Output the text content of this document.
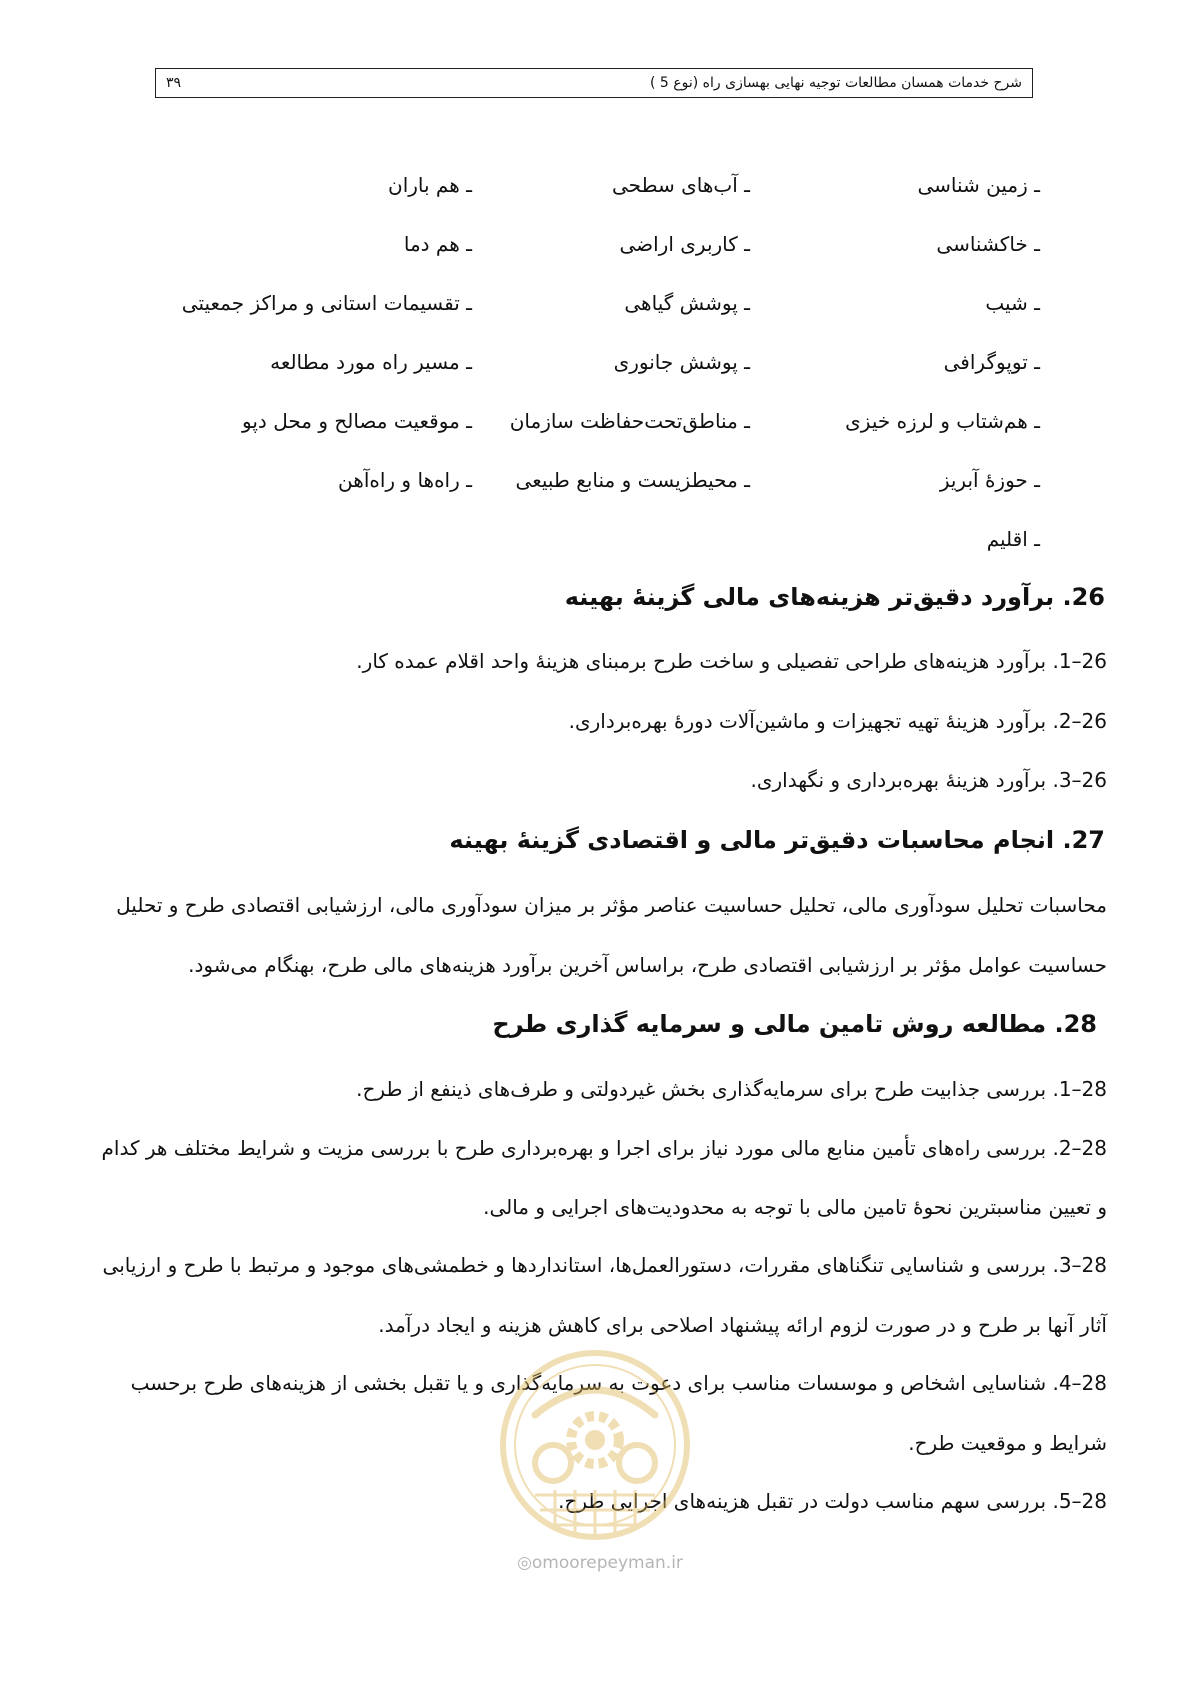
شرح خدمات همسان مطالعات توجیه نهایی بهسازی راه (نوع 5 )
۳۹
ـ زمین شناسی
ـ آب‌های سطحی
ـ هم باران
ـ خاکشناسی
ـ کاربری اراضی
ـ هم دما
ـ شیب
ـ پوشش گیاهی
ـ تقسیمات استانی و مراکز جمعیتی
ـ توپوگرافی
ـ پوشش جانوری
ـ مسیر راه مورد مطالعه
ـ هم‌شتاب و لرزه خیزی
ـ مناطق‌تحت‌حفاظت سازمان
ـ موقعیت مصالح و محل دپو
ـ حوزهٔ آبریز
ـ محیطزیست و منابع طبیعی
ـ راه‌ها و راه‌آهن
ـ اقلیم
26. برآورد دقیق‌تر هزینه‌های مالی گزینهٔ بهینه
26–1. برآورد هزینه‌های طراحی تفصیلی و ساخت طرح برمبنای هزینهٔ واحد اقلام عمده کار.
26–2. برآورد هزینهٔ تهیه تجهیزات و ماشین‌آلات دورهٔ بهره‌برداری.
26–3. برآورد هزینهٔ بهره‌برداری و نگهداری.
27. انجام محاسبات دقیق‌تر مالی و اقتصادی گزینهٔ بهینه
محاسبات تحلیل سودآوری مالی، تحلیل حساسیت عناصر مؤثر بر میزان سودآوری مالی، ارزشیابی اقتصادی طرح و تحلیل
حساسیت عوامل مؤثر بر ارزشیابی اقتصادی طرح، براساس آخرین برآورد هزینه‌های مالی طرح، بهنگام می‌شود.
28. مطالعه روش تامین مالی و سرمایه گذاری طرح
28–1. بررسی جذابیت طرح برای سرمایه‌گذاری بخش غیردولتی و طرف‌های ذینفع از طرح.
28–2. بررسی راه‌های تأمین منابع مالی مورد نیاز برای اجرا و بهره‌برداری طرح با بررسی مزیت و شرایط مختلف هر کدام
و تعیین مناسبترین نحوهٔ تامین مالی با توجه به محدودیت‌های اجرایی و مالی.
28–3. بررسی و شناسایی تنگناهای مقررات، دستورالعمل‌ها، استانداردها و خطمشی‌های موجود و مرتبط با طرح و ارزیابی
آثار آنها بر طرح و در صورت لزوم ارائه پیشنهاد اصلاحی برای کاهش هزینه و ایجاد درآمد.
28–4. شناسایی اشخاص و موسسات مناسب برای دعوت به سرمایه‌گذاری و یا تقبل بخشی از هزینه‌های طرح برحسب
شرایط و موقعیت طرح.
28–5. بررسی سهم مناسب دولت در تقبل هزینه‌های اجرایی طرح.
◎omoorepeyman.ir
